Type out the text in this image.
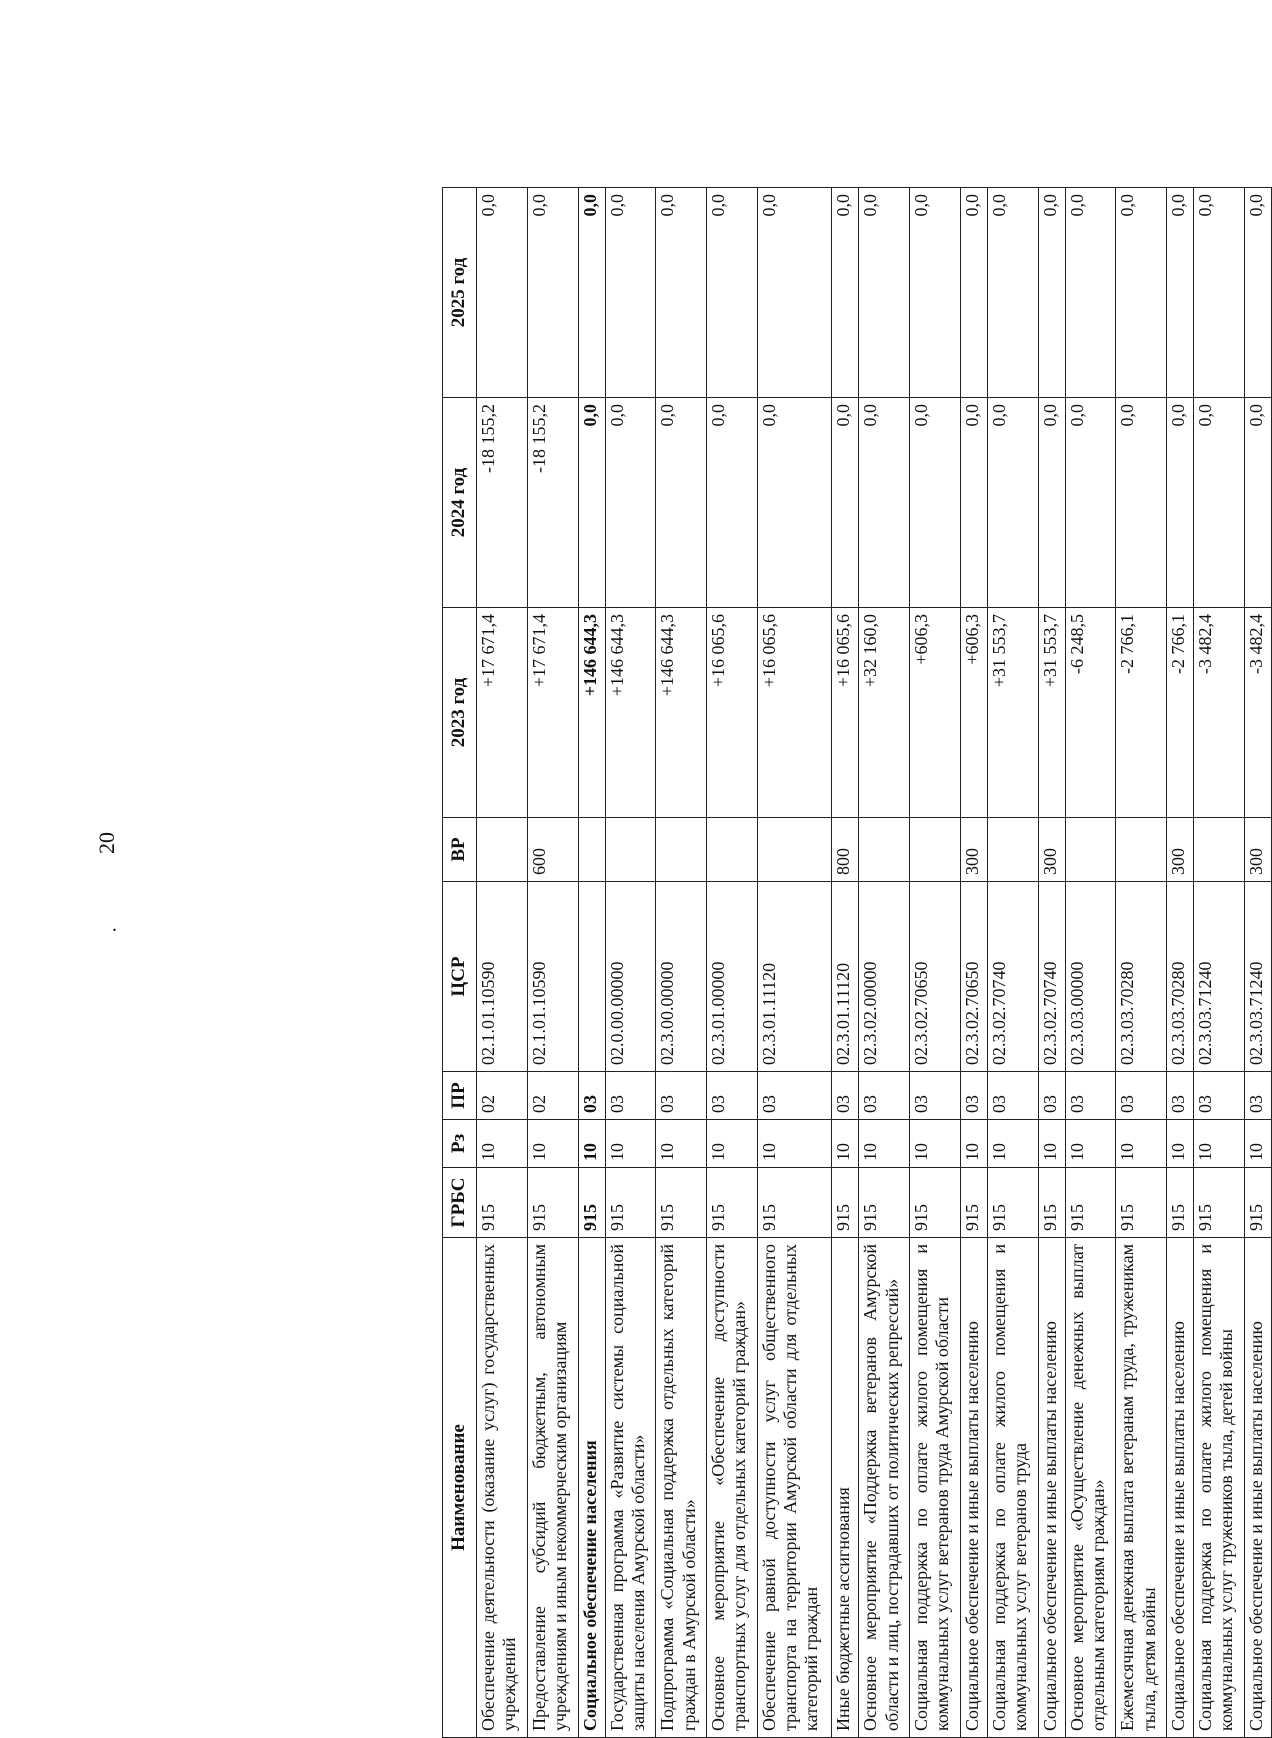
20
.
Наименование	ГРБС	Рз	ПР	ЦСР	ВР	2023 год	2024 год	2025 год
Обеспечение деятельности (оказание услуг) государственных учреждений	915	10	02	02.1.01.10590		+17 671,4	-18 155,2	0,0
Предоставление субсидий бюджетным, автономным учреждениям и иным некоммерческим организациям	915	10	02	02.1.01.10590	600	+17 671,4	-18 155,2	0,0
Социальное обеспечение населения	915	10	03			+146 644,3	0,0	0,0
Государственная программа «Развитие системы социальной защиты населения Амурской области»	915	10	03	02.0.00.00000		+146 644,3	0,0	0,0
Подпрограмма «Социальная поддержка отдельных категорий граждан в Амурской области»	915	10	03	02.3.00.00000		+146 644,3	0,0	0,0
Основное мероприятие «Обеспечение доступности транспортных услуг для отдельных категорий граждан»	915	10	03	02.3.01.00000		+16 065,6	0,0	0,0
Обеспечение равной доступности услуг общественного транспорта на территории Амурской области для отдельных категорий граждан	915	10	03	02.3.01.11120		+16 065,6	0,0	0,0
Иные бюджетные ассигнования	915	10	03	02.3.01.11120	800	+16 065,6	0,0	0,0
Основное мероприятие «Поддержка ветеранов Амурской области и лиц, пострадавших от политических репрессий»	915	10	03	02.3.02.00000		+32 160,0	0,0	0,0
Социальная поддержка по оплате жилого помещения и коммунальных услуг ветеранов труда Амурской области	915	10	03	02.3.02.70650		+606,3	0,0	0,0
Социальное обеспечение и иные выплаты населению	915	10	03	02.3.02.70650	300	+606,3	0,0	0,0
Социальная поддержка по оплате жилого помещения и коммунальных услуг ветеранов труда	915	10	03	02.3.02.70740		+31 553,7	0,0	0,0
Социальное обеспечение и иные выплаты населению	915	10	03	02.3.02.70740	300	+31 553,7	0,0	0,0
Основное мероприятие «Осуществление денежных выплат отдельным категориям граждан»	915	10	03	02.3.03.00000		-6 248,5	0,0	0,0
Ежемесячная денежная выплата ветеранам труда, труженикам тыла, детям войны	915	10	03	02.3.03.70280		-2 766,1	0,0	0,0
Социальное обеспечение и иные выплаты населению	915	10	03	02.3.03.70280	300	-2 766,1	0,0	0,0
Социальная поддержка по оплате жилого помещения и коммунальных услуг тружеников тыла, детей войны	915	10	03	02.3.03.71240		-3 482,4	0,0	0,0
Социальное обеспечение и иные выплаты населению	915	10	03	02.3.03.71240	300	-3 482,4	0,0	0,0
